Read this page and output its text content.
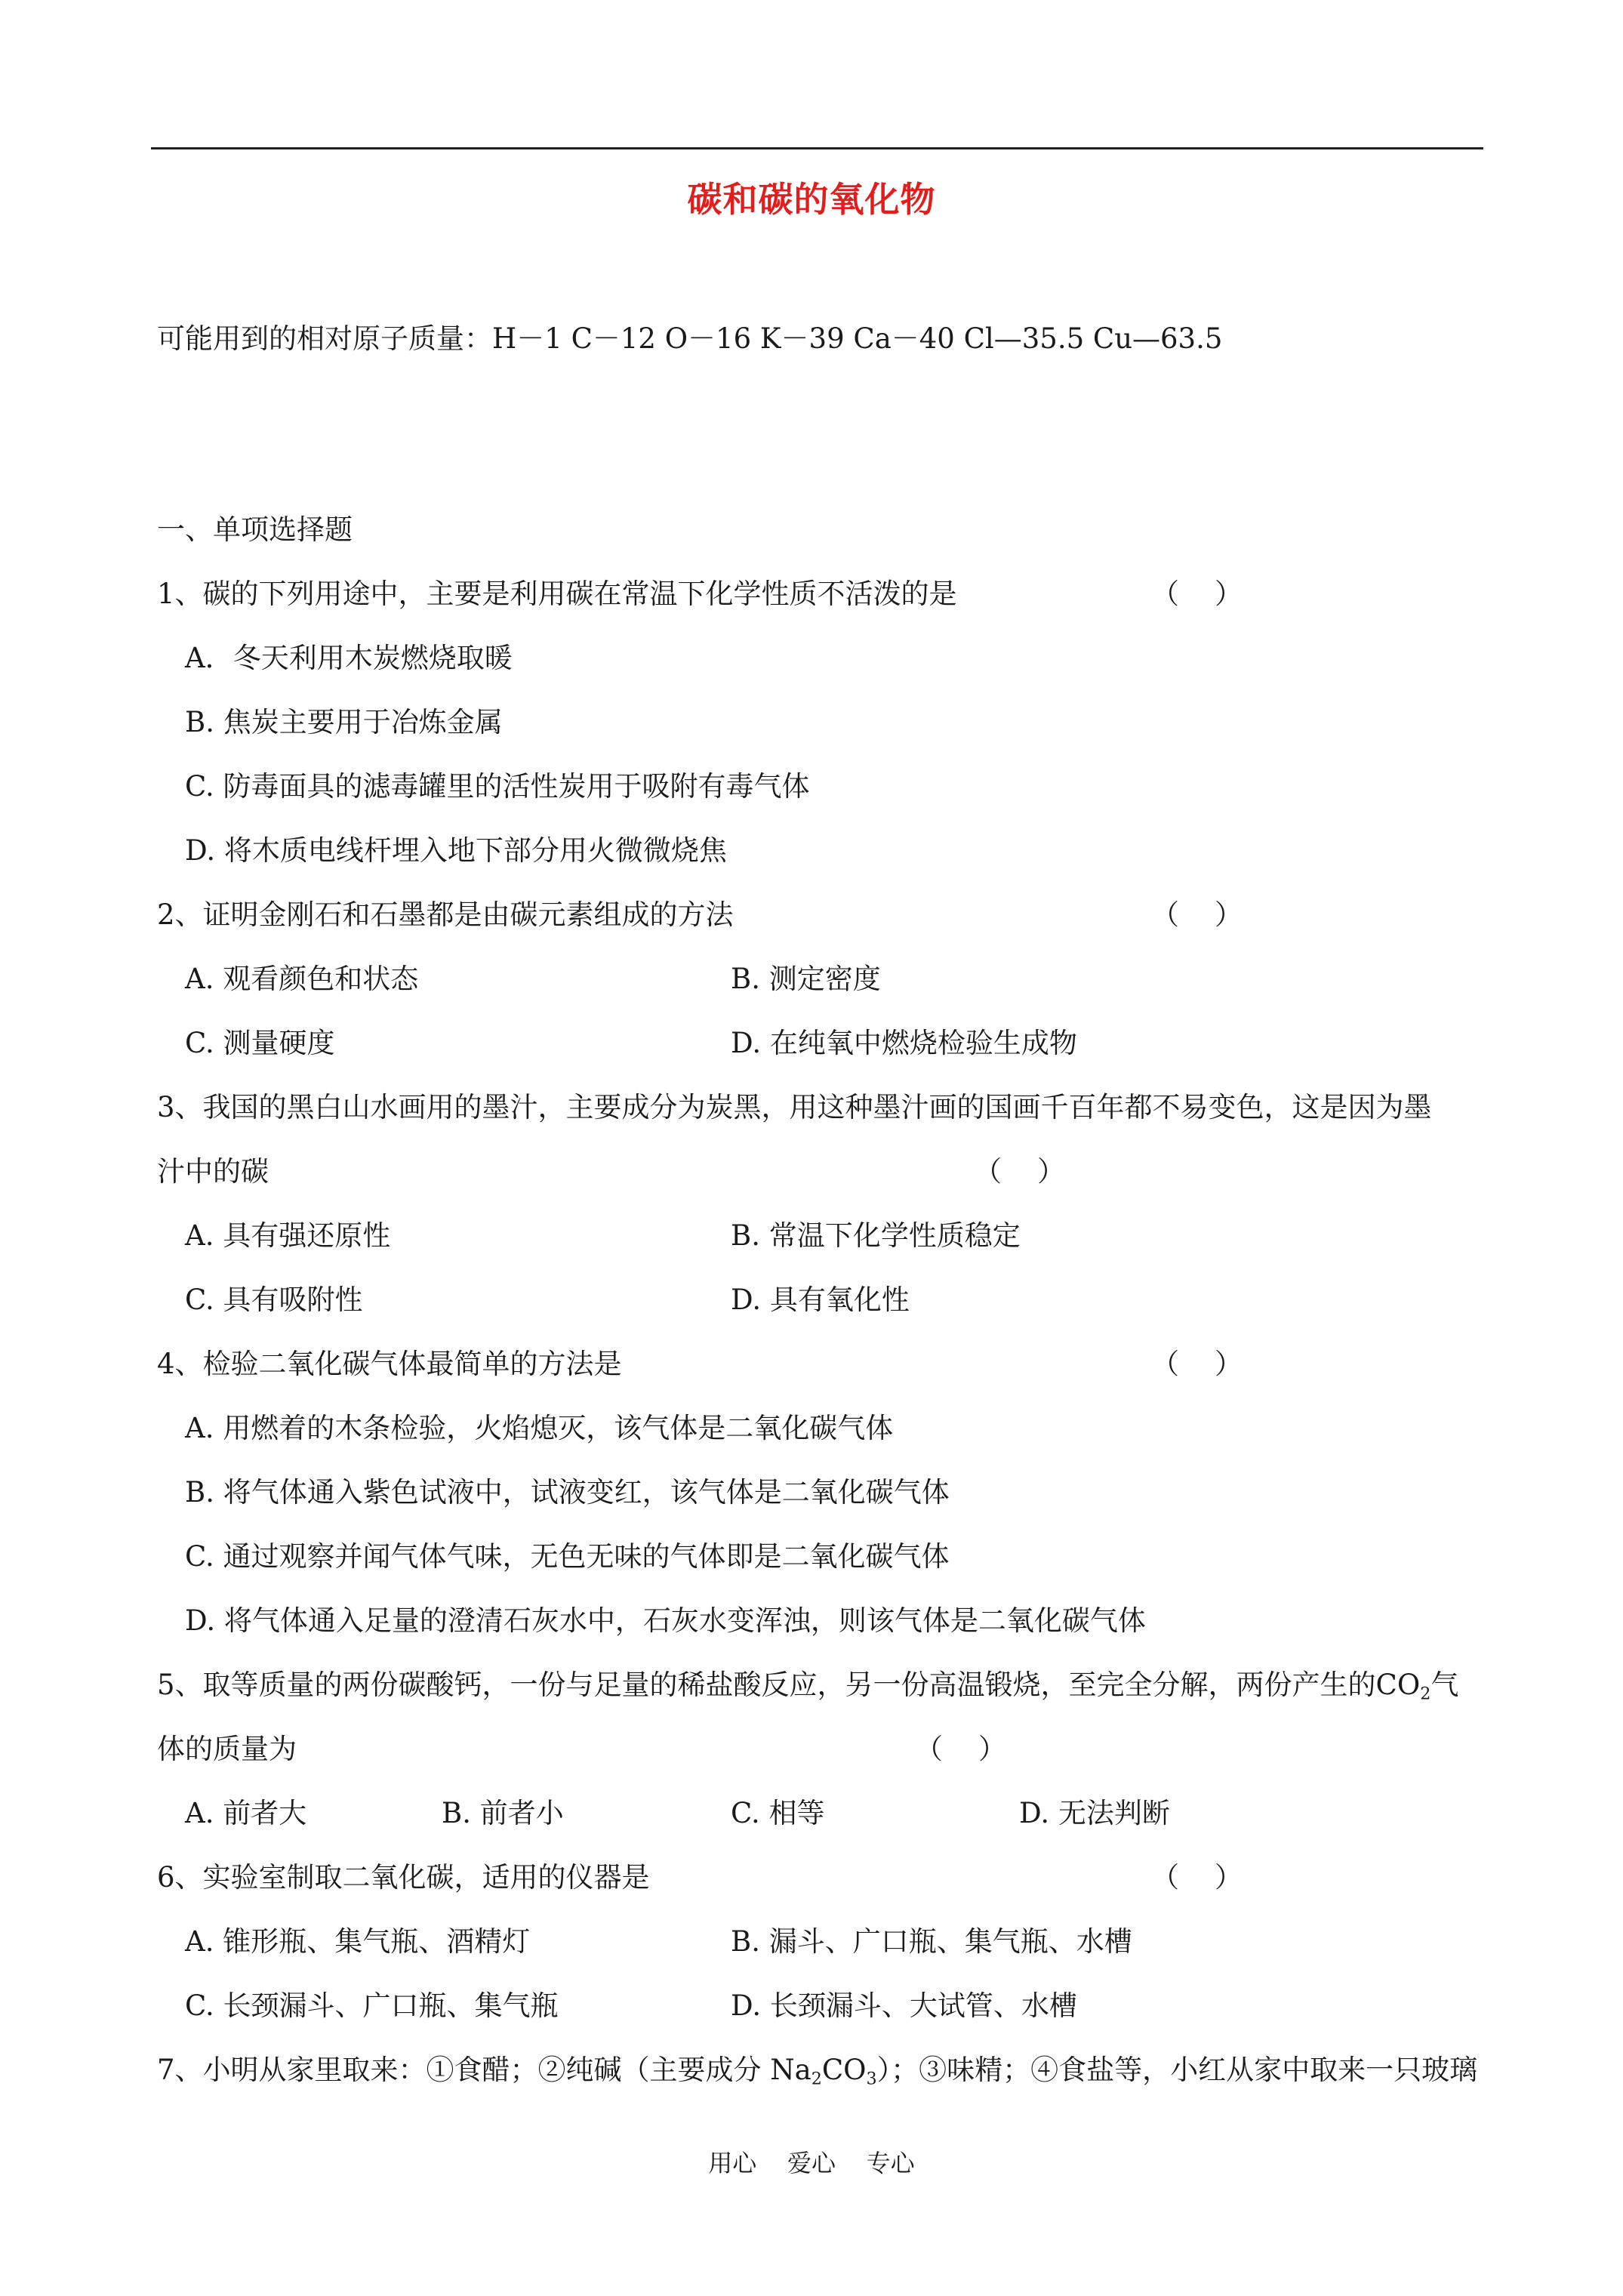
碳和碳的氧化物
可能用到的相对原子质量：H－1 C－12 O－16 K－39 Ca－40 Cl—35.5 Cu—63.5
一、单项选择题
1、碳的下列用途中，主要是利用碳在常温下化学性质不活泼的是	（    ）
A．冬天利用木炭燃烧取暖
B. 焦炭主要用于冶炼金属
C. 防毒面具的滤毒罐里的活性炭用于吸附有毒气体
D. 将木质电线杆埋入地下部分用火微微烧焦
2、证明金刚石和石墨都是由碳元素组成的方法	（    ）
A. 观看颜色和状态	B. 测定密度
C. 测量硬度	D. 在纯氧中燃烧检验生成物
3、我国的黑白山水画用的墨汁，主要成分为炭黑，用这种墨汁画的国画千百年都不易变色，这是因为墨
汁中的碳	（    ）
A. 具有强还原性	B. 常温下化学性质稳定
C. 具有吸附性	D. 具有氧化性
4、检验二氧化碳气体最简单的方法是	（    ）
A. 用燃着的木条检验，火焰熄灭，该气体是二氧化碳气体
B. 将气体通入紫色试液中，试液变红，该气体是二氧化碳气体
C. 通过观察并闻气体气味，无色无味的气体即是二氧化碳气体
D. 将气体通入足量的澄清石灰水中，石灰水变浑浊，则该气体是二氧化碳气体
5、取等质量的两份碳酸钙，一份与足量的稀盐酸反应，另一份高温锻烧，至完全分解，两份产生的$CO_2$气
体的质量为	（    ）
A. 前者大	B. 前者小	C. 相等	D. 无法判断
6、实验室制取二氧化碳，适用的仪器是	（    ）
A. 锥形瓶、集气瓶、酒精灯	B. 漏斗、广口瓶、集气瓶、水槽
C. 长颈漏斗、广口瓶、集气瓶	D. 长颈漏斗、大试管、水槽
7、小明从家里取来：①食醋；②纯碱（主要成分 $Na_2CO_3$）；③味精；④食盐等，小红从家中取来一只玻璃
用心    爱心    专心
